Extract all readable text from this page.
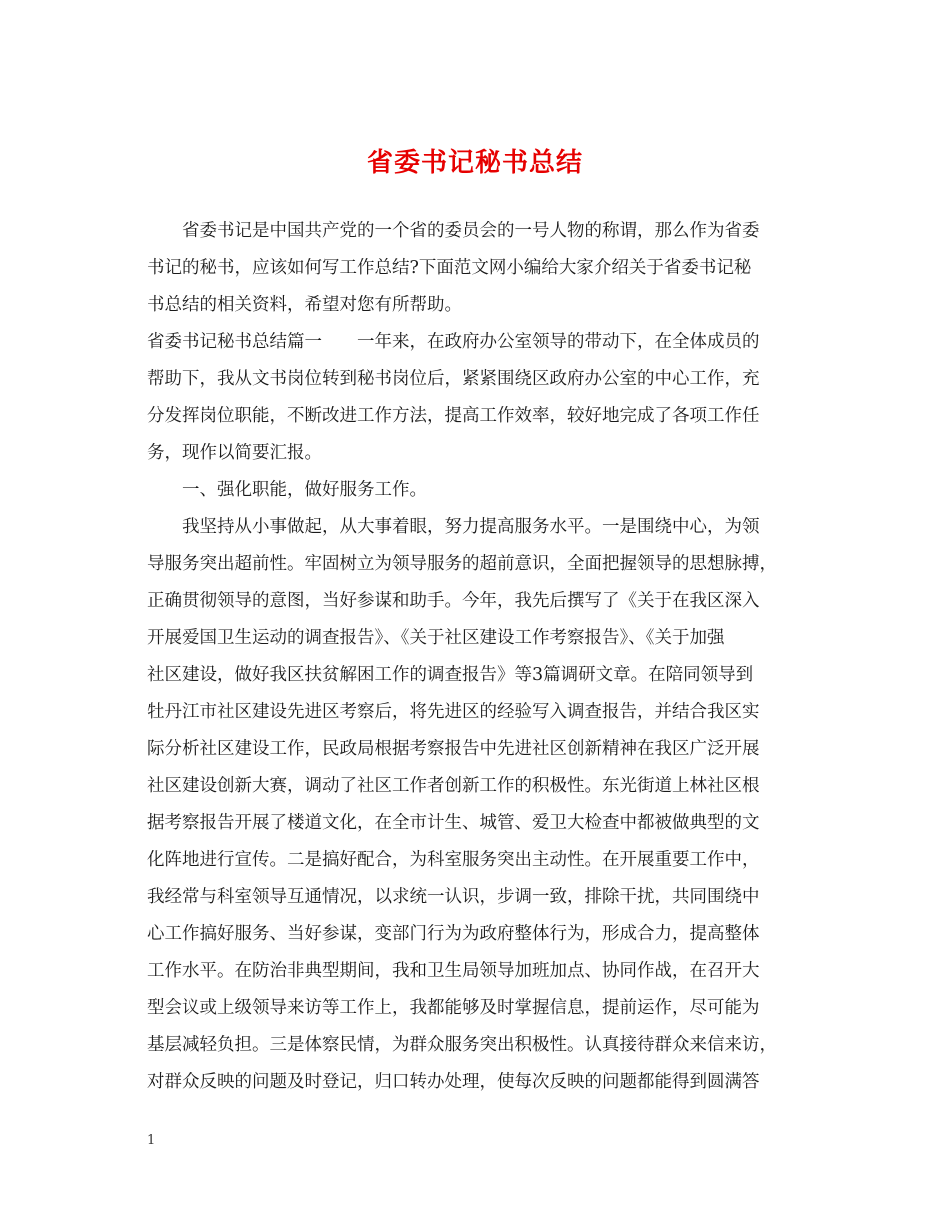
省委书记秘书总结
　　省委书记是中国共产党的一个省的委员会的一号人物的称谓，那么作为省委
书记的秘书，应该如何写工作总结?下面范文网小编给大家介绍关于省委书记秘
书总结的相关资料，希望对您有所帮助。
省委书记秘书总结篇一　　一年来，在政府办公室领导的带动下，在全体成员的
帮助下，我从文书岗位转到秘书岗位后，紧紧围绕区政府办公室的中心工作，充
分发挥岗位职能，不断改进工作方法，提高工作效率，较好地完成了各项工作任
务，现作以简要汇报。
　　一、强化职能，做好服务工作。
　　我坚持从小事做起，从大事着眼，努力提高服务水平。一是围绕中心，为领
导服务突出超前性。牢固树立为领导服务的超前意识，全面把握领导的思想脉搏，
正确贯彻领导的意图，当好参谋和助手。今年，我先后撰写了《关于在我区深入
开展爱国卫生运动的调查报告》、《关于社区建设工作考察报告》、《关于加强
社区建设，做好我区扶贫解困工作的调查报告》等3篇调研文章。在陪同领导到
牡丹江市社区建设先进区考察后，将先进区的经验写入调查报告，并结合我区实
际分析社区建设工作，民政局根据考察报告中先进社区创新精神在我区广泛开展
社区建设创新大赛，调动了社区工作者创新工作的积极性。东光街道上林社区根
据考察报告开展了楼道文化，在全市计生、城管、爱卫大检查中都被做典型的文
化阵地进行宣传。二是搞好配合，为科室服务突出主动性。在开展重要工作中，
我经常与科室领导互通情况，以求统一认识，步调一致，排除干扰，共同围绕中
心工作搞好服务、当好参谋，变部门行为为政府整体行为，形成合力，提高整体
工作水平。在防治非典型期间，我和卫生局领导加班加点、协同作战，在召开大
型会议或上级领导来访等工作上，我都能够及时掌握信息，提前运作，尽可能为
基层减轻负担。三是体察民情，为群众服务突出积极性。认真接待群众来信来访，
对群众反映的问题及时登记，归口转办处理，使每次反映的问题都能得到圆满答
1
